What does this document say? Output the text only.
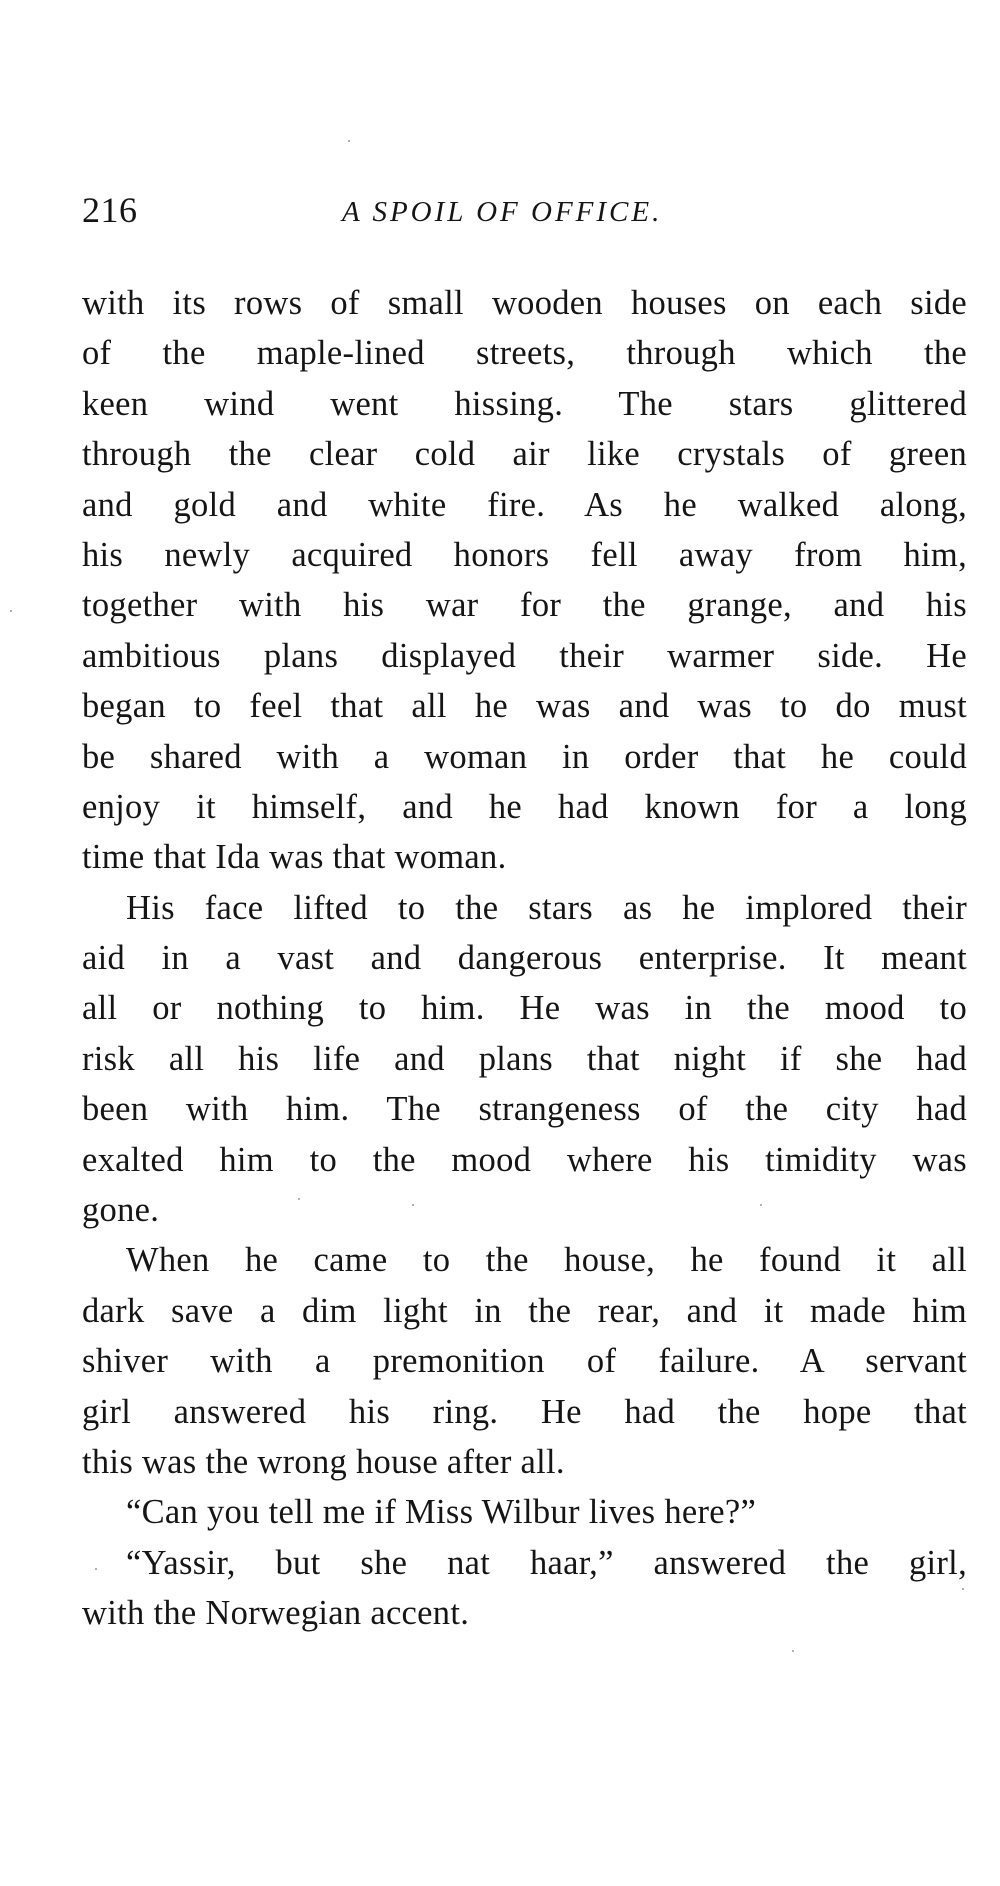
216	A SPOIL OF OFFICE.
with its rows of small wooden houses on each side
of the maple-lined streets, through which the
keen wind went hissing. The stars glittered
through the clear cold air like crystals of green
and gold and white fire. As he walked along,
his newly acquired honors fell away from him,
together with his war for the grange, and his
ambitious plans displayed their warmer side. He
began to feel that all he was and was to do must
be shared with a woman in order that he could
enjoy it himself, and he had known for a long
time that Ida was that woman.
His face lifted to the stars as he implored their
aid in a vast and dangerous enterprise. It meant
all or nothing to him. He was in the mood to
risk all his life and plans that night if she had
been with him. The strangeness of the city had
exalted him to the mood where his timidity was
gone.
When he came to the house, he found it all
dark save a dim light in the rear, and it made him
shiver with a premonition of failure. A servant
girl answered his ring. He had the hope that
this was the wrong house after all.
“Can you tell me if Miss Wilbur lives here?”
“Yassir, but she nat haar,” answered the girl,
with the Norwegian accent.
